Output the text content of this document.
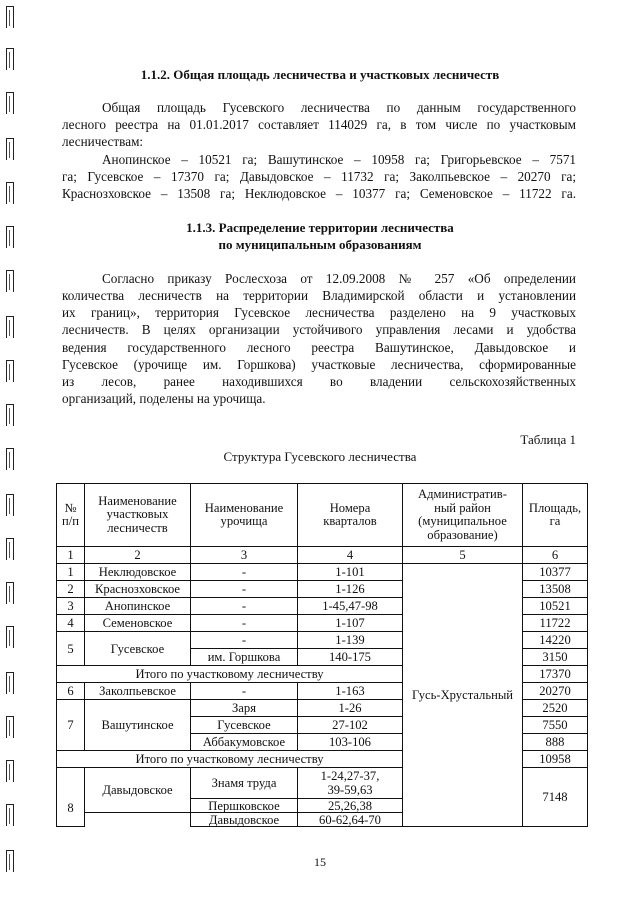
1.1.2. Общая площадь лесничества и участковых лесничеств
Общая площадь Гусевского лесничества по данным государственного
лесного реестра на 01.01.2017 составляет 114029 га, в том числе по участковым
лесничествам:
Анопинское – 10521 га; Вашутинское – 10958 га; Григорьевское – 7571
га; Гусевское – 17370 га; Давыдовское – 11732 га; Заколпьевское – 20270 га;
Краснозховское – 13508 га; Неклюдовское – 10377 га; Семеновское – 11722 га.
1.1.3. Распределение территории лесничества
по муниципальным образованиям
Согласно приказу Рослесхоза от 12.09.2008 № 257 «Об определении
количества лесничеств на территории Владимирской области и установлении
их границ», территория Гусевское лесничества разделено на 9 участковых
лесничеств. В целях организации устойчивого управления лесами и удобства
ведения государственного лесного реестра Вашутинское, Давыдовское и
Гусевское (урочище им. Горшкова) участковые лесничества, сформированные
из лесов, ранее находившихся во владении сельскохозяйственных
организаций, поделены на урочища.
Таблица 1
Структура Гусевского лесничества
№
п/п	Наименование
участковых
лесничеств	Наименование
урочища	Номера
кварталов	Административ-
ный район
(муниципальное
образование)	Площадь,
га
1	2	3	4	5	6
1	Неклюдовское	-	1-101	Гусь-Хрустальный	10377
2	Краснозховское	-	1-126		13508
3	Анопинское	-	1-45,47-98		10521
4	Семеновское	-	1-107		11722
5	Гусевское	-	1-139		14220
		им. Горшкова	140-175		3150
Итого по участковому лесничеству					17370
6	Заколпьевское	-	1-163		20270
7	Вашутинское	Заря	1-26		2520
		Гусевское	27-102		7550
		Аббакумовское	103-106		888
Итого по участковому лесничеству					10958
8	Давыдовское	Знамя труда	1-24,27-37,
39-59,63		7148
		Першковское	25,26,38		
		Давыдовское	60-62,64-70		
15
